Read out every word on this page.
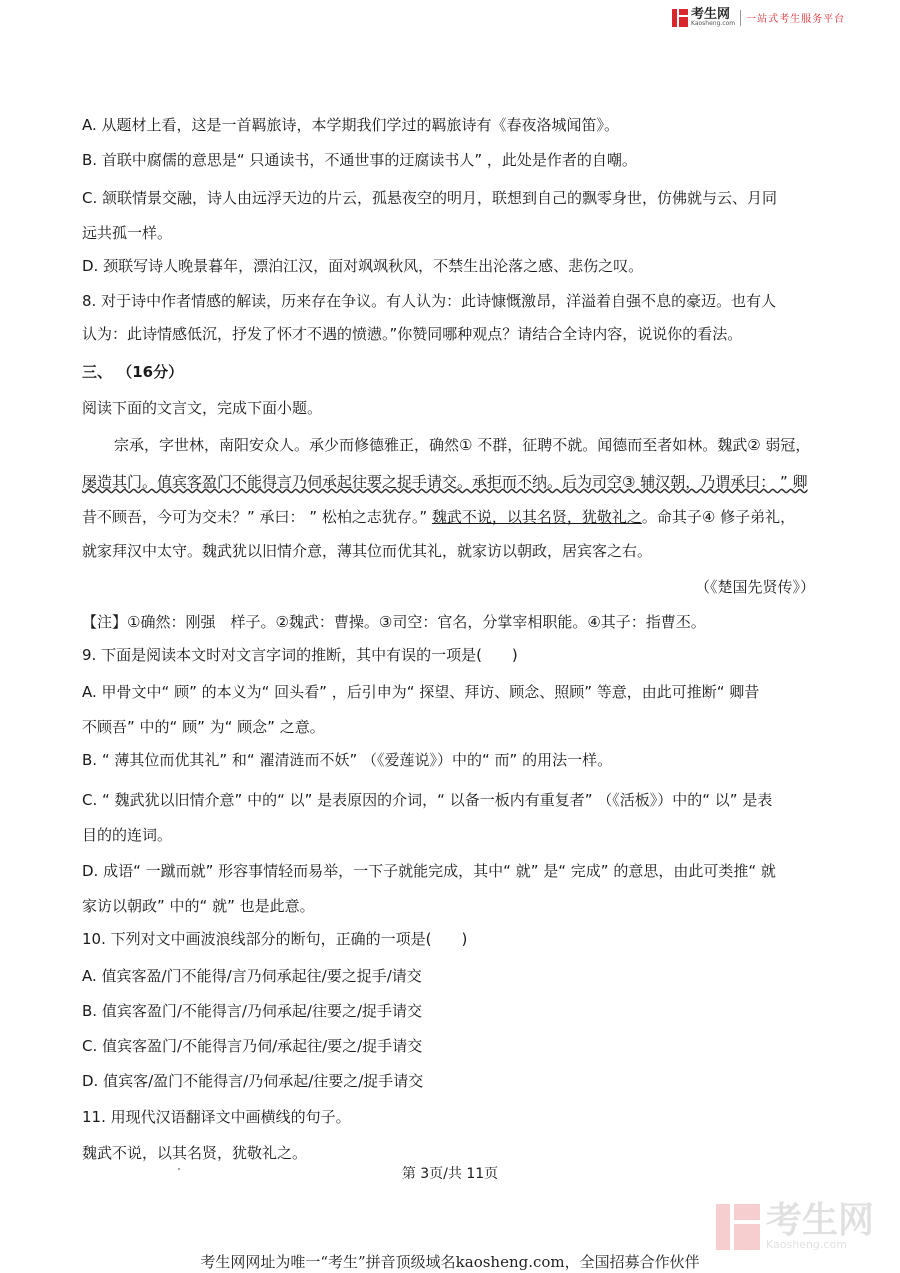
考生网
Kaosheng.com 一站式考生服务平台
A. 从题材上看，这是一首羁旅诗，本学期我们学过的羁旅诗有《春夜洛城闻笛》。
B. 首联中腐儒的意思是“ 只通读书，不通世事的迂腐读书人” ，此处是作者的自嘲。
C. 颔联情景交融，诗人由远浮天边的片云，孤悬夜空的明月，联想到自己的飘零身世，仿佛就与云、月同
远共孤一样。
D. 颈联写诗人晚景暮年，漂泊江汉，面对飒飒秋风，不禁生出沦落之感、悲伤之叹。
8. 对于诗中作者情感的解读，历来存在争议。有人认为：此诗慷慨激昂，洋溢着自强不息的豪迈。也有人
认为：此诗情感低沉，抒发了怀才不遇的愤懑。”你赞同哪种观点？请结合全诗内容，说说你的看法。
三、 （16分）
阅读下面的文言文，完成下面小题。
宗承，字世林，南阳安众人。承少而修德雅正，确然① 不群，征聘不就。闻德而至者如林。魏武② 弱冠，
屡造其门。值宾客盈门不能得言乃伺承起往要之捉手请交。承拒而不纳。后为司空③ 辅汉朝，乃谓承曰： ” 卿
昔不顾吾，今可为交未？” 承曰： ” 松柏之志犹存。” 魏武不说，以其名贤，犹敬礼之。命其子④ 修子弟礼，
就家拜汉中太守。魏武犹以旧情介意，薄其位而优其礼，就家访以朝政，居宾客之右。
（《楚国先贤传》）
【注】①确然：刚强　样子。②魏武：曹操。③司空：官名，分掌宰相职能。④其子：指曹丕。
9. 下面是阅读本文时对文言字词的推断，其中有误的一项是(　　)
A. 甲骨文中“ 顾” 的本义为“ 回头看” ，后引申为“ 探望、拜访、顾念、照顾” 等意，由此可推断“ 卿昔
不顾吾” 中的“ 顾” 为“ 顾念” 之意。
B. “ 薄其位而优其礼” 和“ 濯清涟而不妖” （《爱莲说》）中的“ 而” 的用法一样。
C. “ 魏武犹以旧情介意” 中的“ 以” 是表原因的介词，“ 以备一板内有重复者” （《活板》）中的“ 以” 是表
目的的连词。
D. 成语“ 一蹴而就” 形容事情轻而易举，一下子就能完成，其中“ 就” 是“ 完成” 的意思，由此可类推“ 就
家访以朝政” 中的“ 就” 也是此意。
10. 下列对文中画波浪线部分的断句，正确的一项是(　　)
A. 值宾客盈/门不能得/言乃伺承起往/要之捉手/请交
B. 值宾客盈门/不能得言/乃伺承起/往要之/捉手请交
C. 值宾客盈门/不能得言乃伺/承起往/要之/捉手请交
D. 值宾客/盈门不能得言/乃伺承起/往要之/捉手请交
11. 用现代汉语翻译文中画横线的句子。
魏武不说，以其名贤，犹敬礼之。
第 3页/共 11页
考生网
Kaosheng.com
考生网网址为唯一“考生”拼音顶级域名kaosheng.com，全国招募合作伙伴
